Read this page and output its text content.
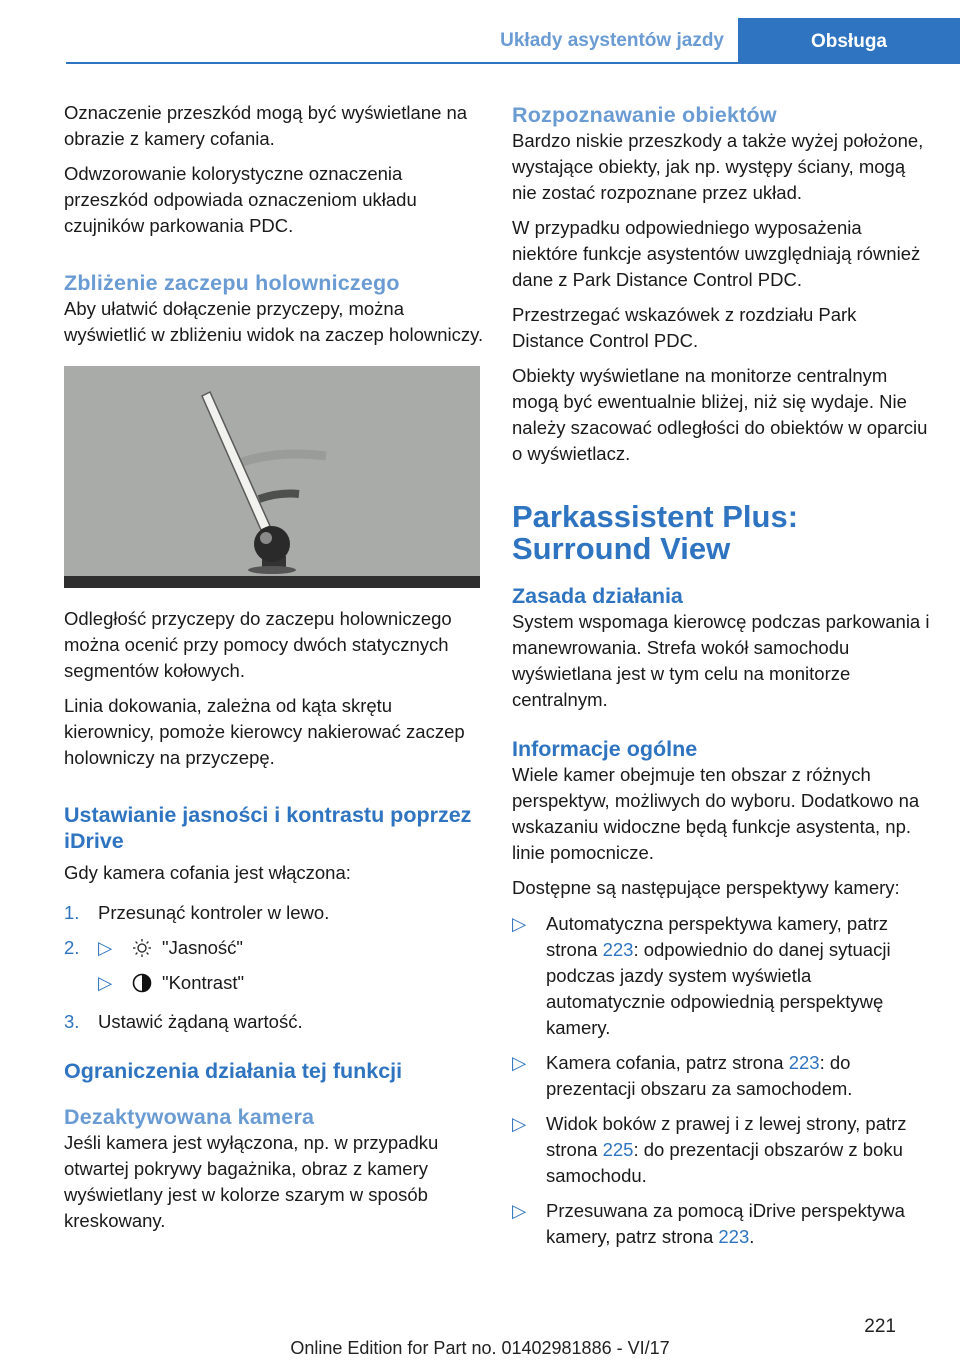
Układy asystentów jazdy	Obsługa

Oznaczenie przeszkód mogą być wyświetlane na obrazie z kamery cofania.

Odwzorowanie kolorystyczne oznaczenia przeszkód odpowiada oznaczeniom układu czujników parkowania PDC.

Zbliżenie zaczepu holowniczego

Aby ułatwić dołączenie przyczepy, można wyświetlić w zbliżeniu widok na zaczep holowniczy.

Odległość przyczepy do zaczepu holowniczego można ocenić przy pomocy dwóch statycznych segmentów kołowych.

Linia dokowania, zależna od kąta skrętu kierownicy, pomoże kierowcy nakierować zaczep holowniczy na przyczepę.

Ustawianie jasności i kontrastu poprzez iDrive

Gdy kamera cofania jest włączona:

1.	Przesunąć kontroler w lewo.
2.	▷	"Jasność"
▷	"Kontrast"
3.	Ustawić żądaną wartość.
Ograniczenia działania tej funkcji
Dezaktywowana kamera

Jeśli kamera jest wyłączona, np. w przypadku otwartej pokrywy bagażnika, obraz z kamery wyświetlany jest w kolorze szarym w sposób kreskowany.

Rozpoznawanie obiektów

Bardzo niskie przeszkody a także wyżej położone, wystające obiekty, jak np. występy ściany, mogą nie zostać rozpoznane przez układ.

W przypadku odpowiedniego wyposażenia niektóre funkcje asystentów uwzględniają również dane z Park Distance Control PDC.

Przestrzegać wskazówek z rozdziału Park Distance Control PDC.

Obiekty wyświetlane na monitorze centralnym mogą być ewentualnie bliżej, niż się wydaje. Nie należy szacować odległości do obiektów w oparciu o wyświetlacz.

Parkassistent Plus: Surround View
Zasada działania

System wspomaga kierowcę podczas parkowania i manewrowania. Strefa wokół samochodu wyświetlana jest w tym celu na monitorze centralnym.

Informacje ogólne

Wiele kamer obejmuje ten obszar z różnych perspektyw, możliwych do wyboru. Dodatkowo na wskazaniu widoczne będą funkcje asystenta, np. linie pomocnicze.

Dostępne są następujące perspektywy kamery:

▷	Automatyczna perspektywa kamery, patrz strona 223: odpowiednio do danej sytuacji podczas jazdy system wyświetla automatycznie odpowiednią perspektywę kamery.
▷	Kamera cofania, patrz strona 223: do prezentacji obszaru za samochodem.
▷	Widok boków z prawej i z lewej strony, patrz strona 225: do prezentacji obszarów z boku samochodu.
▷	Przesuwana za pomocą iDrive perspektywa kamery, patrz strona 223.
221
Online Edition for Part no. 01402981886 - VI/17
